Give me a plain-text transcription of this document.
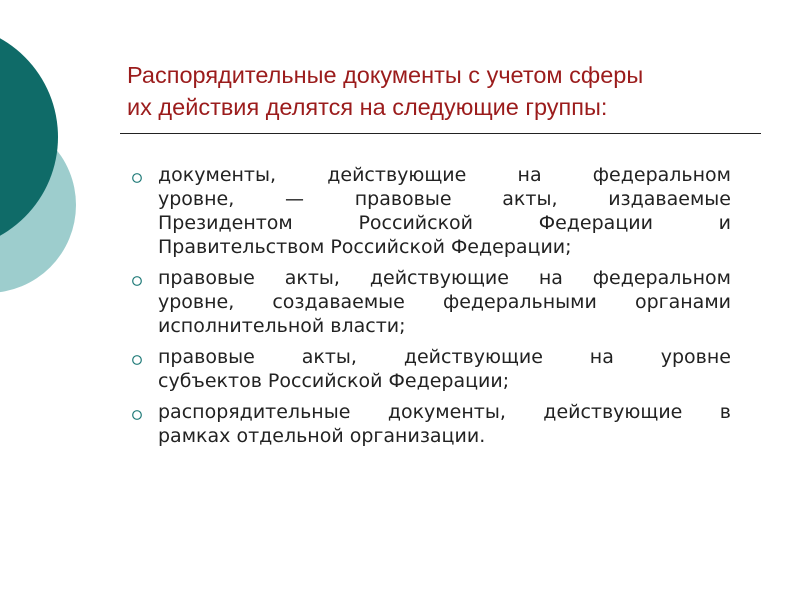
Распорядительные документы с учетом сферы
их действия делятся на следующие группы:
документы, действующие на федеральном
уровне, — правовые акты, издаваемые
Президентом Российской Федерации и
Правительством Российской Федерации;
правовые акты, действующие на федеральном
уровне, создаваемые федеральными органами
исполнительной власти;
правовые акты, действующие на уровне
субъектов Российской Федерации;
распорядительные документы, действующие в
рамках отдельной организации.
